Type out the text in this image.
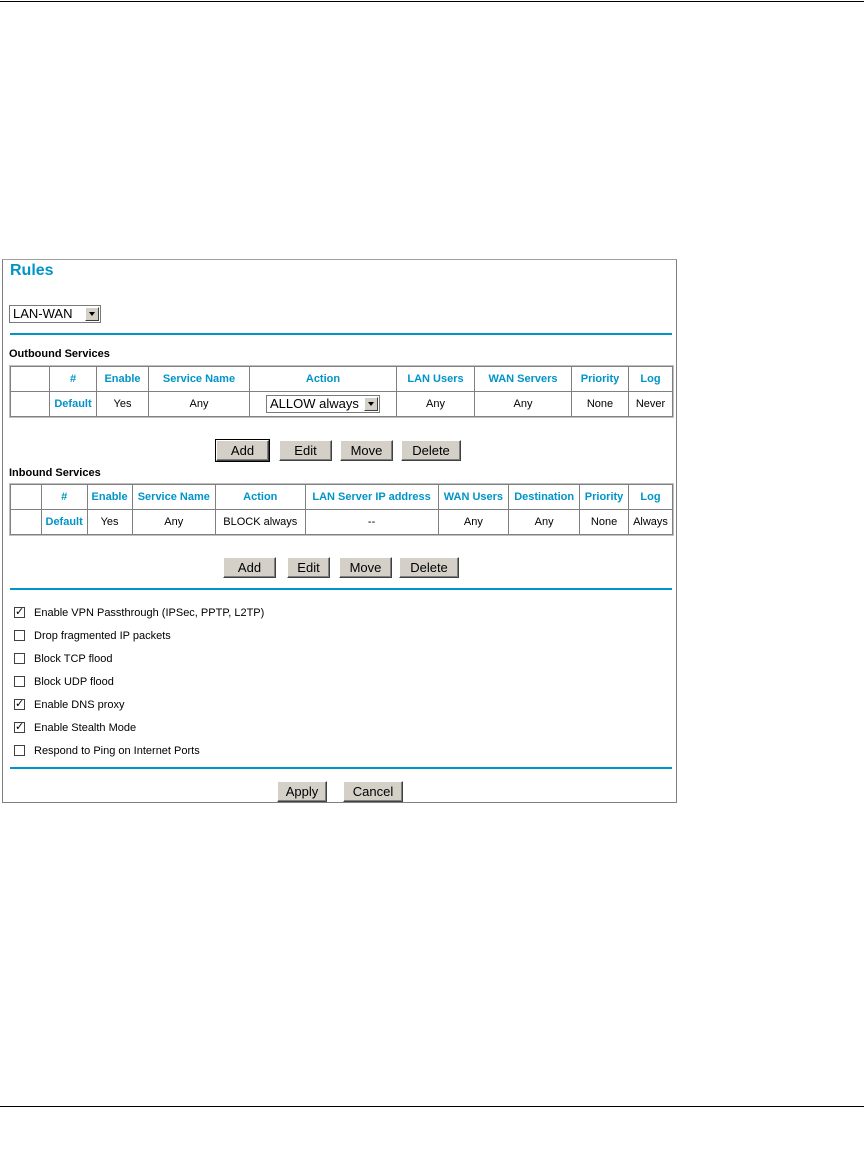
Rules
LAN-WAN
Outbound Services
	#	Enable	Service Name	Action	LAN Users	WAN Servers	Priority	Log
	Default	Yes	Any	ALLOW always	Any	Any	None	Never
Add	Edit	Move	Delete
Inbound Services
	#	Enable	Service Name	Action	LAN Server IP address	WAN Users	Destination	Priority	Log
	Default	Yes	Any	BLOCK always	--	Any	Any	None	Always
Add	Edit	Move	Delete
✓ Enable VPN Passthrough (IPSec, PPTP, L2TP)
Drop fragmented IP packets
Block TCP flood
Block UDP flood
✓ Enable DNS proxy
✓ Enable Stealth Mode
Respond to Ping on Internet Ports
Apply	Cancel
